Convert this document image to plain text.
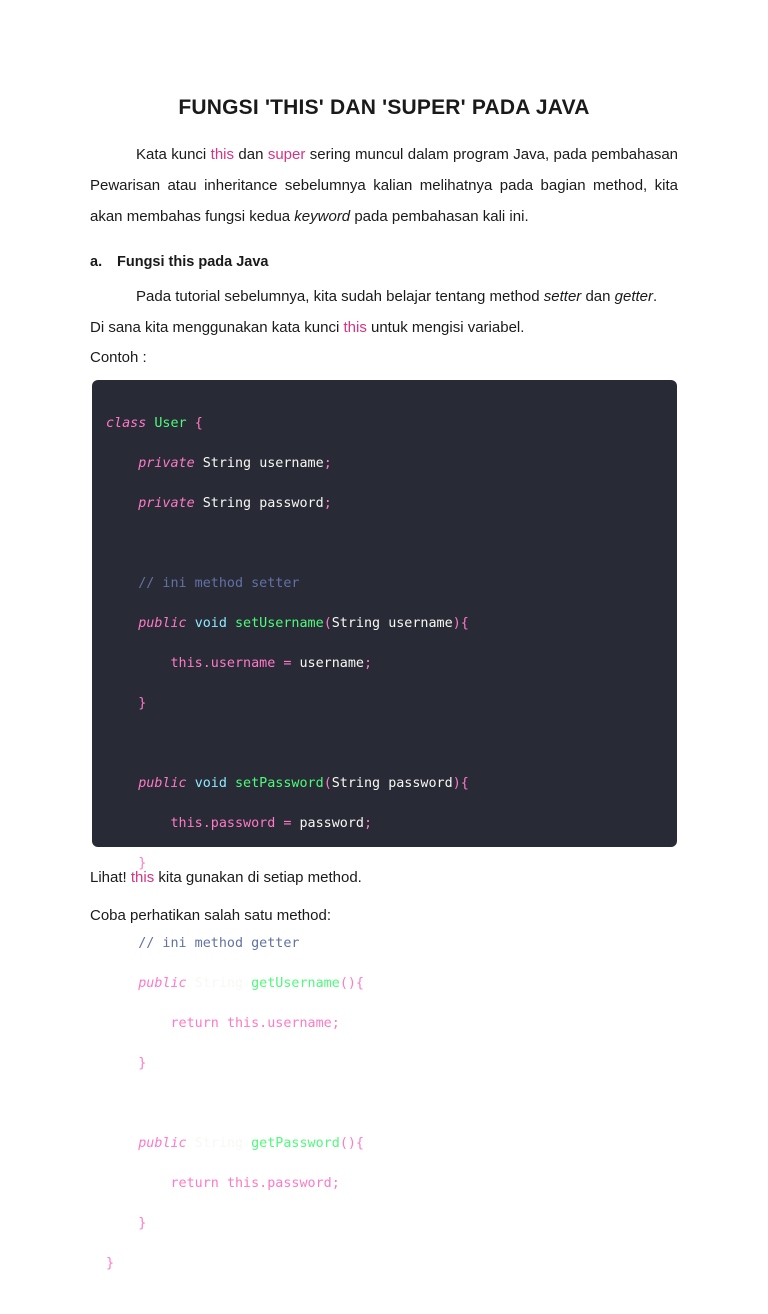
FUNGSI 'THIS' DAN 'SUPER' PADA JAVA

Kata kunci this dan super sering muncul dalam program Java, pada pembahasan Pewarisan atau inheritance sebelumnya kalian melihatnya pada bagian method, kita akan membahas fungsi kedua keyword pada pembahasan kali ini.

a. Fungsi this pada Java

Pada tutorial sebelumnya, kita sudah belajar tentang method setter dan getter.
Di sana kita menggunakan kata kunci this untuk mengisi variabel.

Contoh :

class User {

private String username;

private String password;

// ini method setter

public void setUsername(String username){

this.username = username;

}

public void setPassword(String password){

this.password = password;

}

// ini method getter

public String getUsername(){

return this.username;

}

public String getPassword(){

return this.password;

}

}

Lihat! this kita gunakan di setiap method.

Coba perhatikan salah satu method:
